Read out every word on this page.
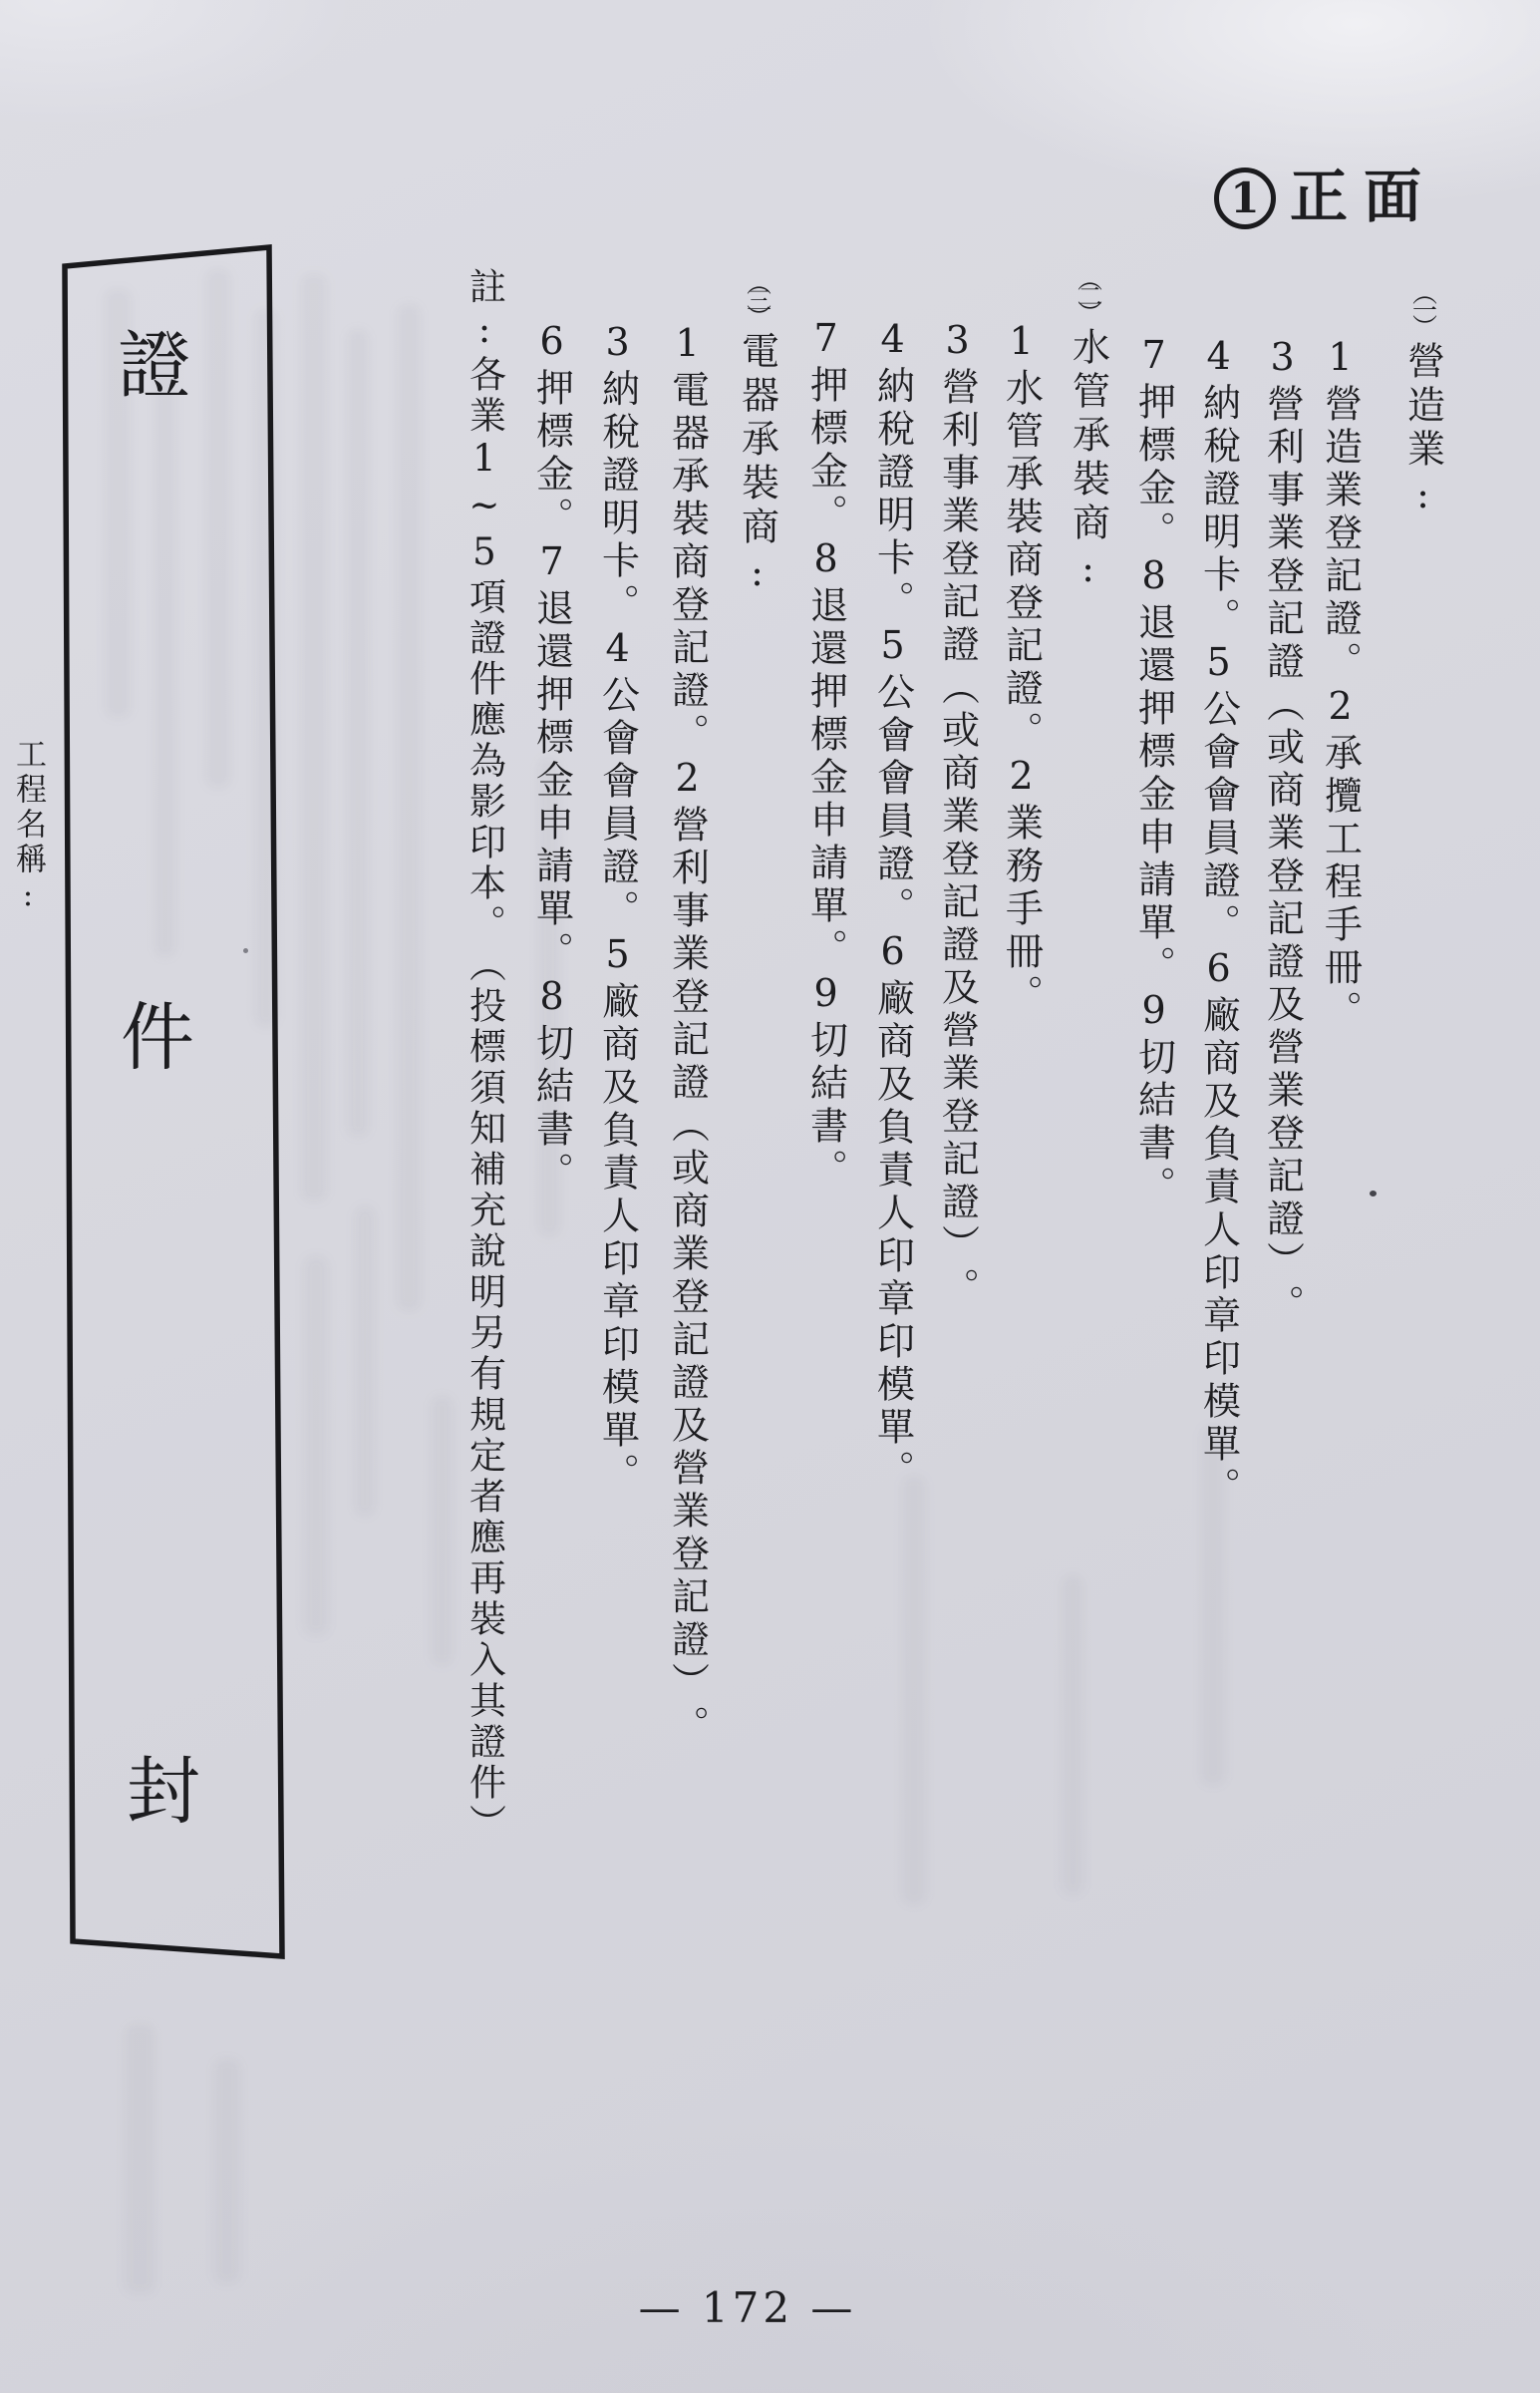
1 正面
︵一︶營造業:
1營造業登記證。2承攬工程手冊。
3營利事業登記證︵或商業登記證及營業登記證︶。
4納稅證明卡。5公會會員證。6廠商及負責人印章印模單。
7押標金。8退還押標金申請單。9切結書。
︵二︶水管承裝商:
1水管承裝商登記證。2業務手冊。
3營利事業登記證︵或商業登記證及營業登記證︶。
4納稅證明卡。5公會會員證。6廠商及負責人印章印模單。
7押標金。8退還押標金申請單。9切結書。
︵三︶電器承裝商:
1電器承裝商登記證。2營利事業登記證︵或商業登記證及營業登記證︶。
3納稅證明卡。4公會會員證。5廠商及負責人印章印模單。
6押標金。7退還押標金申請單。8切結書。
註:各業1~5項證件應為影印本。︵投標須知補充說明另有規定者應再裝入其證件︶
證
件
封
工程名稱:
— 172 —
